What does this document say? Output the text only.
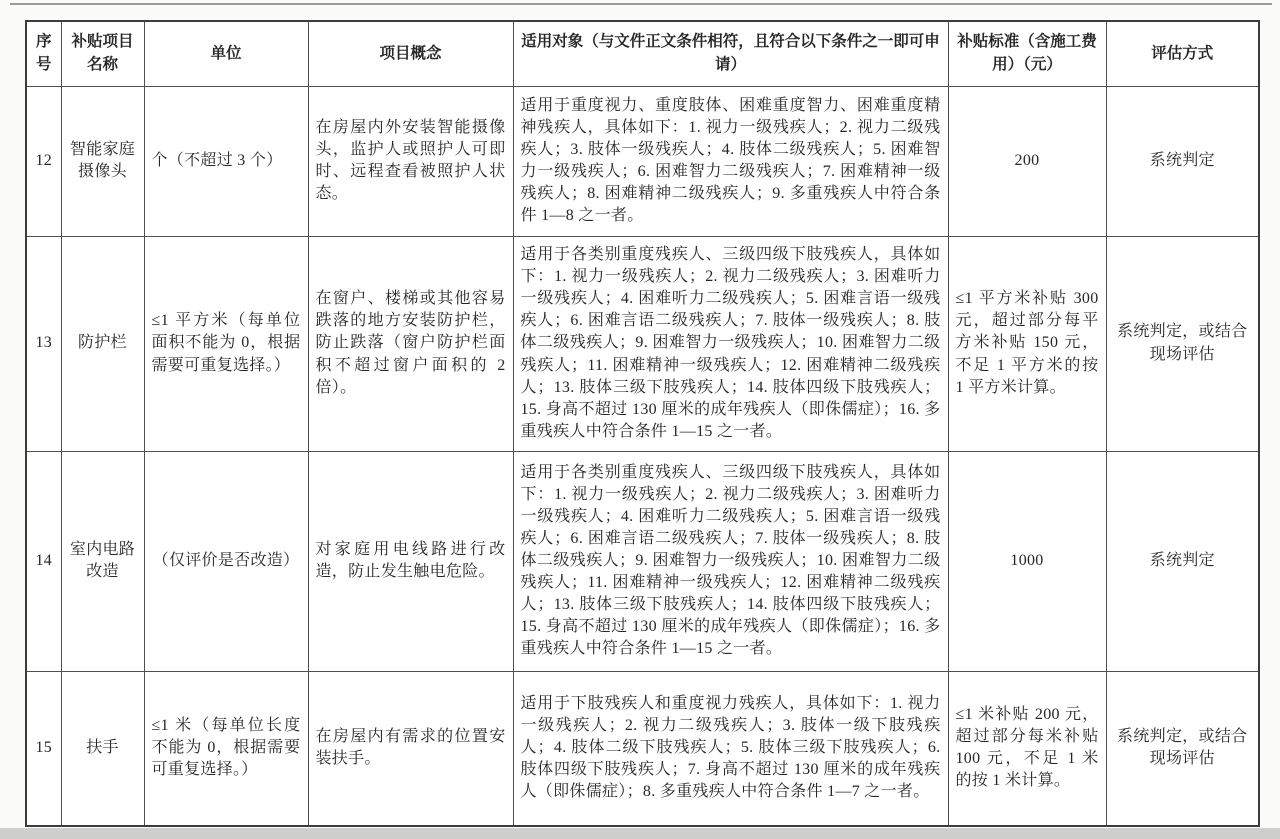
序号	补贴项目名称	单位	项目概念	适用对象（与文件正文条件相符，且符合以下条件之一即可申请）	补贴标准（含施工费用）（元）	评估方式
12	智能家庭摄像头	个（不超过 3 个）	在房屋内外安装智能摄像头，监护人或照护人可即时、远程查看被照护人状态。	适用于重度视力、重度肢体、困难重度智力、困难重度精神残疾人，具体如下：1. 视力一级残疾人；2. 视力二级残疾人；3. 肢体一级残疾人；4. 肢体二级残疾人；5. 困难智力一级残疾人；6. 困难智力二级残疾人；7. 困难精神一级残疾人；8. 困难精神二级残疾人；9. 多重残疾人中符合条件 1—8 之一者。	200	系统判定
13	防护栏	≤1 平方米（每单位面积不能为 0，根据需要可重复选择。）	在窗户、楼梯或其他容易跌落的地方安装防护栏，防止跌落（窗户防护栏面积不超过窗户面积的 2 倍）。	适用于各类别重度残疾人、三级四级下肢残疾人，具体如下：1. 视力一级残疾人；2. 视力二级残疾人；3. 困难听力一级残疾人；4. 困难听力二级残疾人；5. 困难言语一级残疾人；6. 困难言语二级残疾人；7. 肢体一级残疾人；8. 肢体二级残疾人；9. 困难智力一级残疾人；10. 困难智力二级残疾人；11. 困难精神一级残疾人；12. 困难精神二级残疾人；13. 肢体三级下肢残疾人；14. 肢体四级下肢残疾人；15. 身高不超过 130 厘米的成年残疾人（即侏儒症）；16. 多重残疾人中符合条件 1—15 之一者。	≤1 平方米补贴 300 元，超过部分每平方米补贴 150 元，不足 1 平方米的按 1 平方米计算。	系统判定，或结合现场评估
14	室内电路改造	（仅评价是否改造）	对家庭用电线路进行改造，防止发生触电危险。	适用于各类别重度残疾人、三级四级下肢残疾人，具体如下：1. 视力一级残疾人；2. 视力二级残疾人；3. 困难听力一级残疾人；4. 困难听力二级残疾人；5. 困难言语一级残疾人；6. 困难言语二级残疾人；7. 肢体一级残疾人；8. 肢体二级残疾人；9. 困难智力一级残疾人；10. 困难智力二级残疾人；11. 困难精神一级残疾人；12. 困难精神二级残疾人；13. 肢体三级下肢残疾人；14. 肢体四级下肢残疾人；15. 身高不超过 130 厘米的成年残疾人（即侏儒症）；16. 多重残疾人中符合条件 1—15 之一者。	1000	系统判定
15	扶手	≤1 米（每单位长度不能为 0，根据需要可重复选择。）	在房屋内有需求的位置安装扶手。	适用于下肢残疾人和重度视力残疾人，具体如下：1. 视力一级残疾人；2. 视力二级残疾人；3. 肢体一级下肢残疾人；4. 肢体二级下肢残疾人；5. 肢体三级下肢残疾人；6. 肢体四级下肢残疾人；7. 身高不超过 130 厘米的成年残疾人（即侏儒症）；8. 多重残疾人中符合条件 1—7 之一者。	≤1 米补贴 200 元，超过部分每米补贴 100 元，不足 1 米的按 1 米计算。	系统判定，或结合现场评估
